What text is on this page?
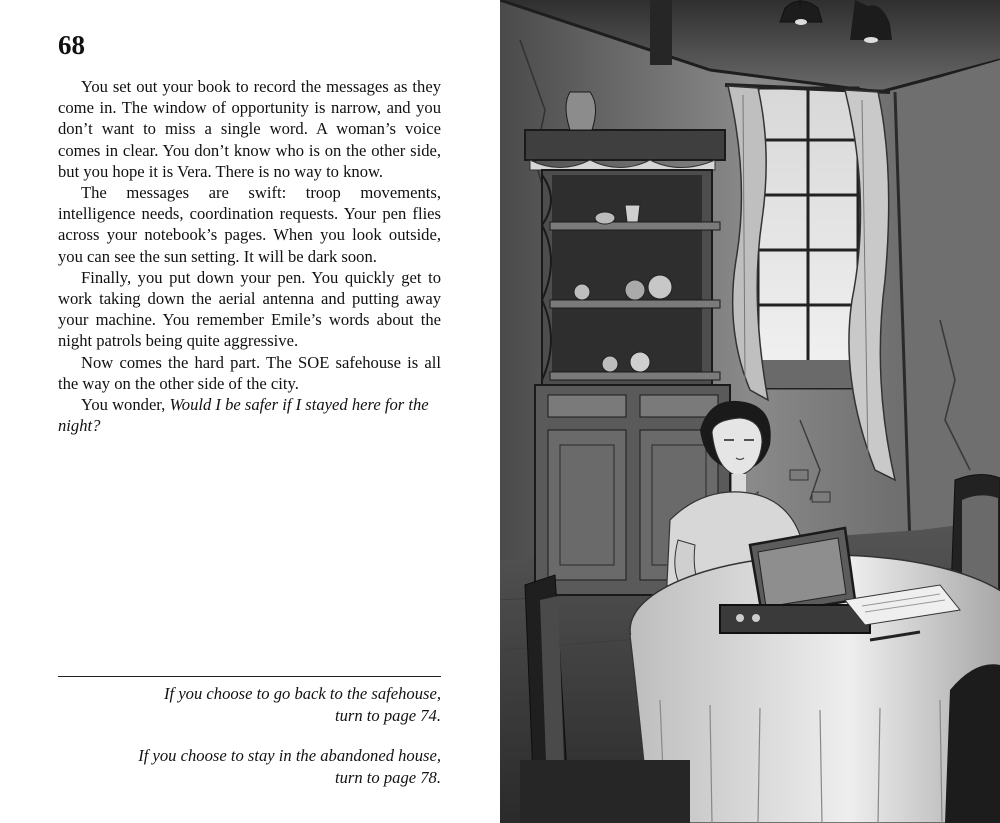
68

You set out your book to record the messages as they come in. The window of opportunity is narrow, and you don’t want to miss a single word. A woman’s voice comes in clear. You don’t know who is on the other side, but you hope it is Vera. There is no way to know.

The messages are swift: troop movements, intelligence needs, coordination requests. Your pen flies across your notebook’s pages. When you look outside, you can see the sun setting. It will be dark soon.

Finally, you put down your pen. You quickly get to work taking down the aerial antenna and putting away your machine. You remember Emile’s words about the night patrols being quite aggressive.

Now comes the hard part. The SOE safehouse is all the way on the other side of the city.

You wonder, Would I be safer if I stayed here for the night?

If you choose to go back to the safehouse,
turn to page 74.
If you choose to stay in the abandoned house,
turn to page 78.
